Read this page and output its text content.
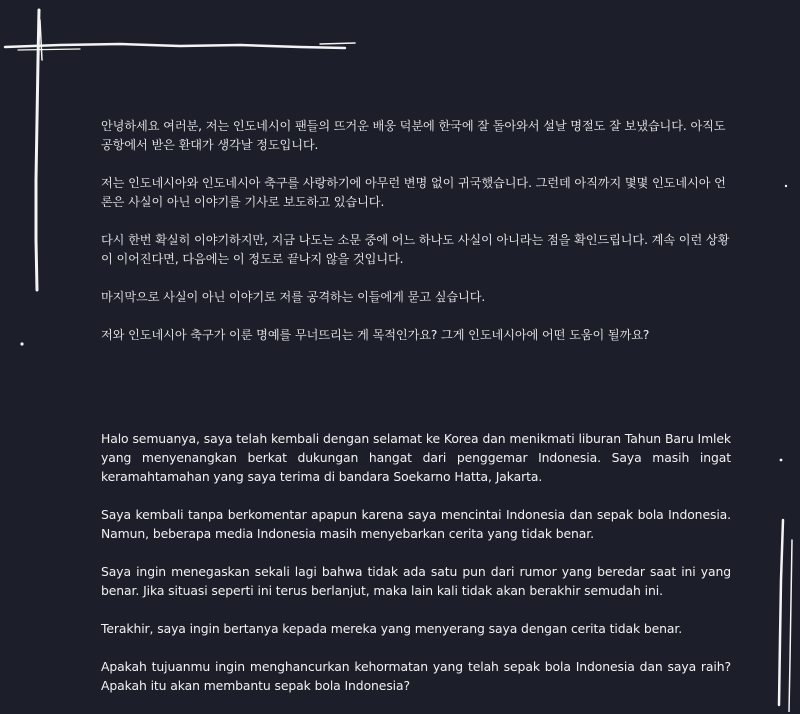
안녕하세요 여러분, 저는 인도네시이 팬들의 뜨거운 배웅 덕분에 한국에 잘 돌아와서 설날 명절도 잘 보냈습니다. 아직도 공항에서 받은 환대가 생각날 정도입니다.

저는 인도네시아와 인도네시아 축구를 사랑하기에 아무런 변명 없이 귀국했습니다. 그런데 아직까지 몇몇 인도네시아 언론은 사실이 아닌 이야기를 기사로 보도하고 있습니다.

다시 한번 확실히 이야기하지만, 지금 나도는 소문 중에 어느 하나도 사실이 아니라는 점을 확인드립니다. 계속 이런 상황이 이어진다면, 다음에는 이 정도로 끝나지 않을 것입니다.

마지막으로 사실이 아닌 이야기로 저를 공격하는 이들에게 묻고 싶습니다.

저와 인도네시아 축구가 이룬 명예를 무너뜨리는 게 목적인가요? 그게 인도네시아에 어떤 도움이 될까요?

Halo semuanya, saya telah kembali dengan selamat ke Korea dan menikmati liburan Tahun Baru Imlek yang menyenangkan berkat dukungan hangat dari penggemar Indonesia. Saya masih ingat keramahtamahan yang saya terima di bandara Soekarno Hatta, Jakarta.

Saya kembali tanpa berkomentar apapun karena saya mencintai Indonesia dan sepak bola Indonesia. Namun, beberapa media Indonesia masih menyebarkan cerita yang tidak benar.

Saya ingin menegaskan sekali lagi bahwa tidak ada satu pun dari rumor yang beredar saat ini yang benar. Jika situasi seperti ini terus berlanjut, maka lain kali tidak akan berakhir semudah ini.

Terakhir, saya ingin bertanya kepada mereka yang menyerang saya dengan cerita tidak benar.

Apakah tujuanmu ingin menghancurkan kehormatan yang telah sepak bola Indonesia dan saya raih? Apakah itu akan membantu sepak bola Indonesia?
